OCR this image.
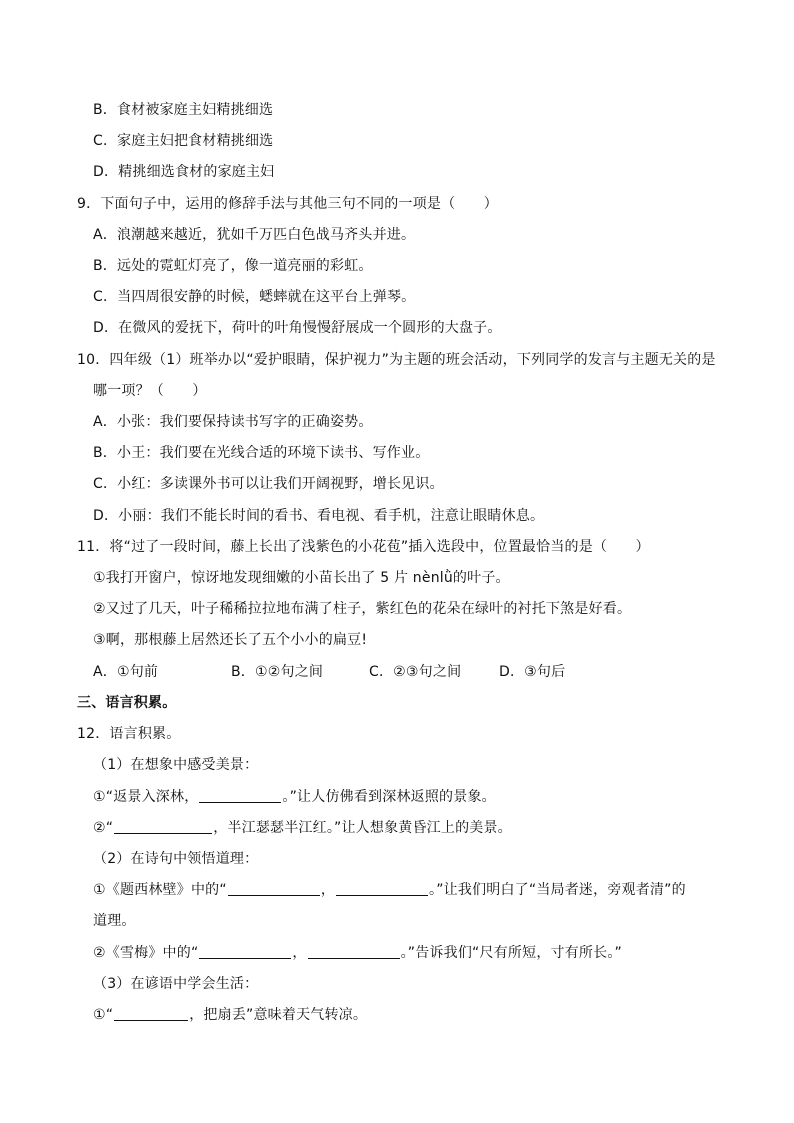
B．食材被家庭主妇精挑细选
C．家庭主妇把食材精挑细选
D．精挑细选食材的家庭主妇
9．下面句子中，运用的修辞手法与其他三句不同的一项是（　　）
A．浪潮越来越近，犹如千万匹白色战马齐头并进。
B．远处的霓虹灯亮了，像一道亮丽的彩虹。
C．当四周很安静的时候，蟋蟀就在这平台上弹琴。
D．在微风的爱抚下，荷叶的叶角慢慢舒展成一个圆形的大盘子。
10．四年级（1）班举办以“爱护眼睛，保护视力”为主题的班会活动，下列同学的发言与主题无关的是
哪一项？（　　）
A．小张：我们要保持读书写字的正确姿势。
B．小王：我们要在光线合适的环境下读书、写作业。
C．小红：多读课外书可以让我们开阔视野，增长见识。
D．小丽：我们不能长时间的看书、看电视、看手机，注意让眼睛休息。
11．将“过了一段时间，藤上长出了浅紫色的小花苞”插入选段中，位置最恰当的是（　　）
①我打开窗户，惊讶地发现细嫩的小苗长出了 5 片 nènlǜ的叶子。
②又过了几天，叶子稀稀拉拉地布满了柱子，紫红色的花朵在绿叶的衬托下煞是好看。
③啊，那根藤上居然还长了五个小小的扁豆!
A．①句前	B．①②句之间	C．②③句之间	D．③句后
三、语言积累。
12．语言积累。
（1）在想象中感受美景：
①“返景入深林，	。”让人仿佛看到深林返照的景象。
②“	，半江瑟瑟半江红。”让人想象黄昏江上的美景。
（2）在诗句中领悟道理：
①《题西林壁》中的“	，	。”让我们明白了“当局者迷，旁观者清”的
道理。
②《雪梅》中的“	，	。”告诉我们“尺有所短，寸有所长。”
（3）在谚语中学会生活：
①“	，把扇丢”意味着天气转凉。
